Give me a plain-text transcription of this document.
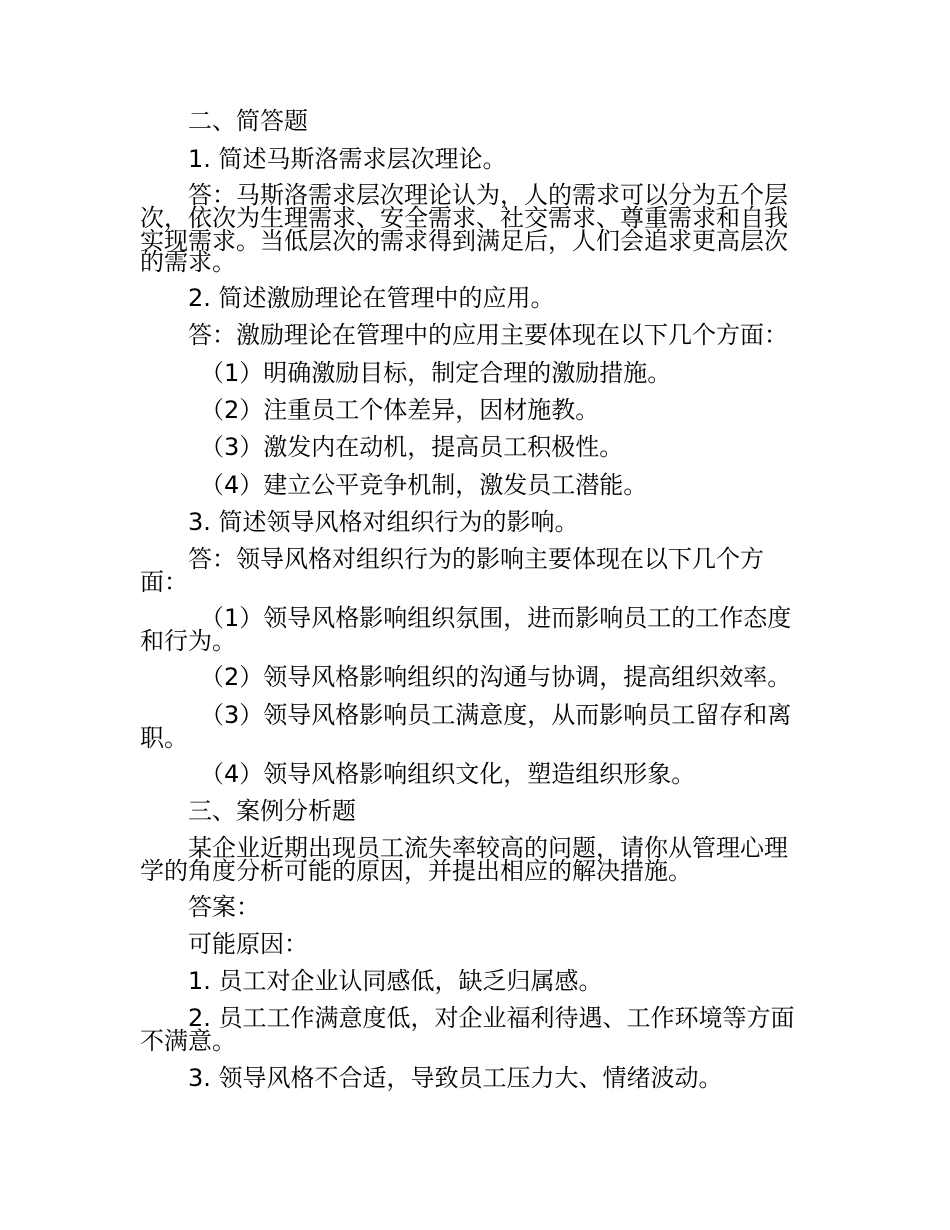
二、简答题

1. 简述马斯洛需求层次理论。

答：马斯洛需求层次理论认为，人的需求可以分为五个层

次，依次为生理需求、安全需求、社交需求、尊重需求和自我

实现需求。当低层次的需求得到满足后，人们会追求更高层次

的需求。

2. 简述激励理论在管理中的应用。

答：激励理论在管理中的应用主要体现在以下几个方面：

（1）明确激励目标，制定合理的激励措施。

（2）注重员工个体差异，因材施教。

（3）激发内在动机，提高员工积极性。

（4）建立公平竞争机制，激发员工潜能。

3. 简述领导风格对组织行为的影响。

答：领导风格对组织行为的影响主要体现在以下几个方

面：

（1）领导风格影响组织氛围，进而影响员工的工作态度

和行为。

（2）领导风格影响组织的沟通与协调，提高组织效率。

（3）领导风格影响员工满意度，从而影响员工留存和离

职。

（4）领导风格影响组织文化，塑造组织形象。

三、案例分析题

某企业近期出现员工流失率较高的问题，请你从管理心理

学的角度分析可能的原因，并提出相应的解决措施。

答案：

可能原因：

1. 员工对企业认同感低，缺乏归属感。

2. 员工工作满意度低，对企业福利待遇、工作环境等方面

不满意。

3. 领导风格不合适，导致员工压力大、情绪波动。
